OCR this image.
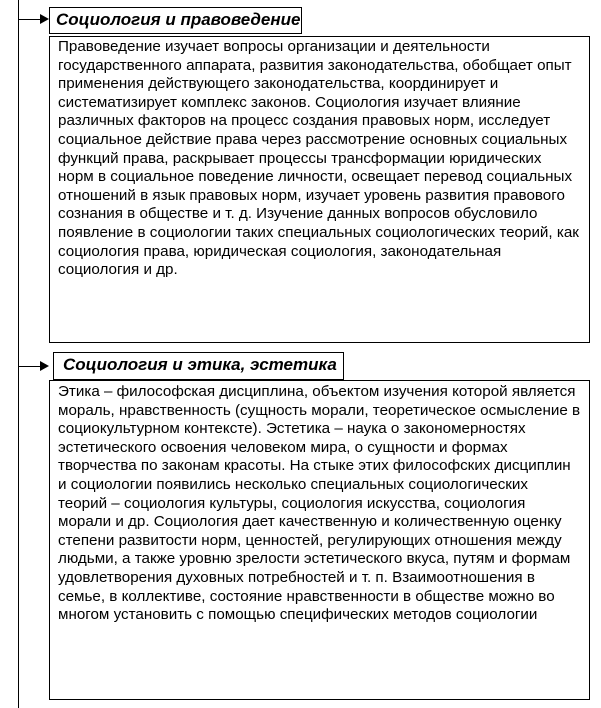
Социология и правоведение

Правоведение изучает вопросы организации и деятельности государственного аппарата, развития законодательства, обобщает опыт применения действующего законодательства, координирует и систематизирует комплекс законов. Социология изучает влияние различных факторов на процесс создания правовых норм, исследует социальное действие права через рассмотрение основных социальных функций права, раскрывает процессы трансформации юридических норм в социальное поведение личности, освещает перевод социальных отношений в язык правовых норм, изучает уровень развития правового сознания в обществе и т. д. Изучение данных вопросов обусловило появление в социологии таких специальных социологических теорий, как социология права, юридическая социология, законодательная социология и др.

Социология и этика, эстетика

Этика – философская дисциплина, объектом изучения которой является мораль, нравственность (сущность морали, теоретическое осмысление в социокультурном контексте). Эстетика – наука о закономерностях эстетического освоения человеком мира, о сущности и формах творчества по законам красоты. На стыке этих философских дисциплин и социологии появились несколько специальных социологических теорий – социология культуры, социология искусства, социология морали и др. Социология дает качественную и количественную оценку степени развитости норм, ценностей, регулирующих отношения между людьми, а также уровню зрелости эстетического вкуса, путям и формам удовлетворения духовных потребностей и т. п. Взаимоотношения в семье, в коллективе, состояние нравственности в обществе можно во многом установить с помощью специфических методов социологии
